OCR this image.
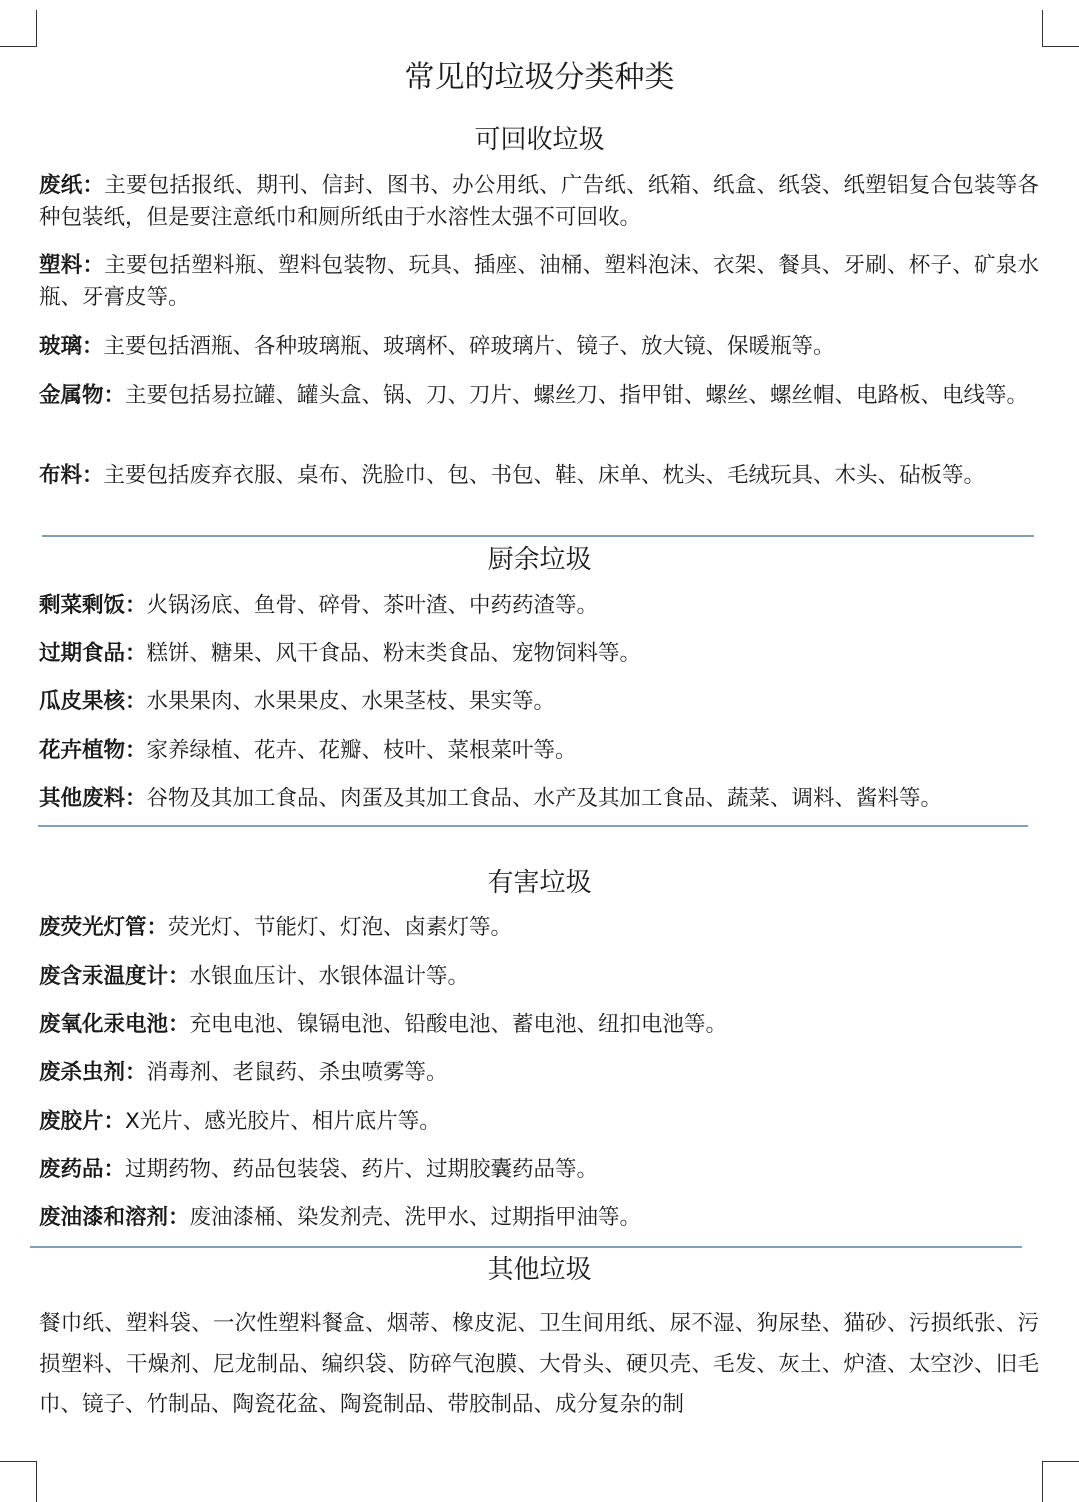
常见的垃圾分类种类
可回收垃圾
废纸：主要包括报纸、期刊、信封、图书、办公用纸、广告纸、纸箱、纸盒、纸袋、纸塑铝复合包装等各种包装纸，但是要注意纸巾和厕所纸由于水溶性太强不可回收。
塑料：主要包括塑料瓶、塑料包装物、玩具、插座、油桶、塑料泡沫、衣架、餐具、牙刷、杯子、矿泉水瓶、牙膏皮等。
玻璃：主要包括酒瓶、各种玻璃瓶、玻璃杯、碎玻璃片、镜子、放大镜、保暖瓶等。
金属物：主要包括易拉罐、罐头盒、锅、刀、刀片、螺丝刀、指甲钳、螺丝、螺丝帽、电路板、电线等。
布料：主要包括废弃衣服、桌布、洗脸巾、包、书包、鞋、床单、枕头、毛绒玩具、木头、砧板等。
厨余垃圾
剩菜剩饭：火锅汤底、鱼骨、碎骨、茶叶渣、中药药渣等。
过期食品：糕饼、糖果、风干食品、粉末类食品、宠物饲料等。
瓜皮果核：水果果肉、水果果皮、水果茎枝、果实等。
花卉植物：家养绿植、花卉、花瓣、枝叶、菜根菜叶等。
其他废料：谷物及其加工食品、肉蛋及其加工食品、水产及其加工食品、蔬菜、调料、酱料等。
有害垃圾
废荧光灯管：荧光灯、节能灯、灯泡、卤素灯等。
废含汞温度计：水银血压计、水银体温计等。
废氧化汞电池：充电电池、镍镉电池、铅酸电池、蓄电池、纽扣电池等。
废杀虫剂：消毒剂、老鼠药、杀虫喷雾等。
废胶片：X光片、感光胶片、相片底片等。
废药品：过期药物、药品包装袋、药片、过期胶囊药品等。
废油漆和溶剂：废油漆桶、染发剂壳、洗甲水、过期指甲油等。
其他垃圾
餐巾纸、塑料袋、一次性塑料餐盒、烟蒂、橡皮泥、卫生间用纸、尿不湿、狗尿垫、猫砂、污损纸张、污损塑料、干燥剂、尼龙制品、编织袋、防碎气泡膜、大骨头、硬贝壳、毛发、灰土、炉渣、太空沙、旧毛巾、镜子、竹制品、陶瓷花盆、陶瓷制品、带胶制品、成分复杂的制
